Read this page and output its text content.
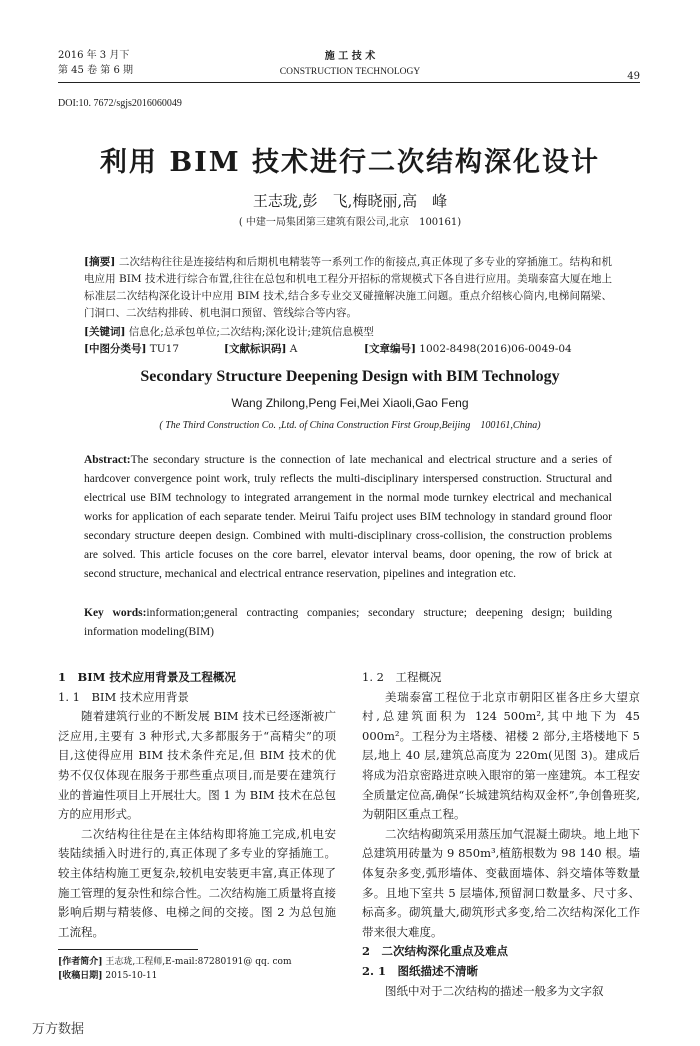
2016 年 3 月下
第 45 卷 第 6 期
施 工 技 术
CONSTRUCTION TECHNOLOGY	49
DOI:10. 7672/sgjs2016060049
利用 BIM 技术进行二次结构深化设计
王志珑,彭　飞,梅晓丽,高　峰
( 中建一局集团第三建筑有限公司,北京　100161)
[摘要] 二次结构往往是连接结构和后期机电精装等一系列工作的衔接点,真正体现了多专业的穿插施工。结构和机电应用 BIM 技术进行综合布置,往往在总包和机电工程分开招标的常规模式下各自进行应用。美瑞泰富大厦在地上标准层二次结构深化设计中应用 BIM 技术,结合多专业交叉碰撞解决施工问题。重点介绍核心筒内,电梯间隔梁、门洞口、二次结构排砖、机电洞口预留、管线综合等内容。
[关键词] 信息化;总承包单位;二次结构;深化设计;建筑信息模型
[中图分类号] TU17	[文献标识码] A	[文章编号] 1002-8498(2016)06-0049-04
Secondary Structure Deepening Design with BIM Technology
Wang Zhilong,Peng Fei,Mei Xiaoli,Gao Feng
( The Third Construction Co. ,Ltd. of China Construction First Group,Beijing　100161,China)
Abstract:The secondary structure is the connection of late mechanical and electrical structure and a series of hardcover convergence point work, truly reflects the multi-disciplinary interspersed construction. Structural and electrical use BIM technology to integrated arrangement in the normal mode turnkey electrical and mechanical works for application of each separate tender. Meirui Taifu project uses BIM technology in standard ground floor secondary structure deepen design. Combined with multi-disciplinary cross-collision, the construction problems are solved. This article focuses on the core barrel, elevator interval beams, door opening, the row of brick at second structure, mechanical and electrical entrance reservation, pipelines and integration etc.
Key words:information;general contracting companies; secondary structure; deepening design; building information modeling(BIM)

1　BIM 技术应用背景及工程概况

1. 1　BIM 技术应用背景

随着建筑行业的不断发展 BIM 技术已经逐渐被广泛应用,主要有 3 种形式,大多都服务于“高精尖”的项目,这使得应用 BIM 技术条件充足,但 BIM 技术的优势不仅仅体现在服务于那些重点项目,而是要在建筑行业的普遍性项目上开展壮大。图 1 为 BIM 技术在总包方的应用形式。

二次结构往往是在主体结构即将施工完成,机电安装陆续插入时进行的,真正体现了多专业的穿插施工。较主体结构施工更复杂,较机电安装更丰富,真正体现了施工管理的复杂性和综合性。二次结构施工质量将直接影响后期与精装修、电梯之间的交接。图 2 为总包施工流程。

1. 2　工程概况

美瑞泰富工程位于北京市朝阳区崔各庄乡大望京村,总建筑面积为 124 500m²,其中地下为 45 000m²。工程分为主塔楼、裙楼 2 部分,主塔楼地下 5 层,地上 40 层,建筑总高度为 220m(见图 3)。建成后将成为沿京密路进京映入眼帘的第一座建筑。本工程安全质量定位高,确保“长城建筑结构双金杯”,争创鲁班奖,为朝阳区重点工程。

二次结构砌筑采用蒸压加气混凝土砌块。地上地下总建筑用砖量为 9 850m³,植筋根数为 98 140 根。墙体复杂多变,弧形墙体、变截面墙体、斜交墙体等数量多。且地下室共 5 层墙体,预留洞口数量多、尺寸多、标高多。砌筑量大,砌筑形式多变,给二次结构深化工作带来很大难度。

2　二次结构深化重点及难点

2. 1　图纸描述不清晰

图纸中对于二次结构的描述一般多为文字叙

[作者简介] 王志珑,工程师,E-mail:87280191@ qq. com
[收稿日期] 2015-10-11
万方数据
